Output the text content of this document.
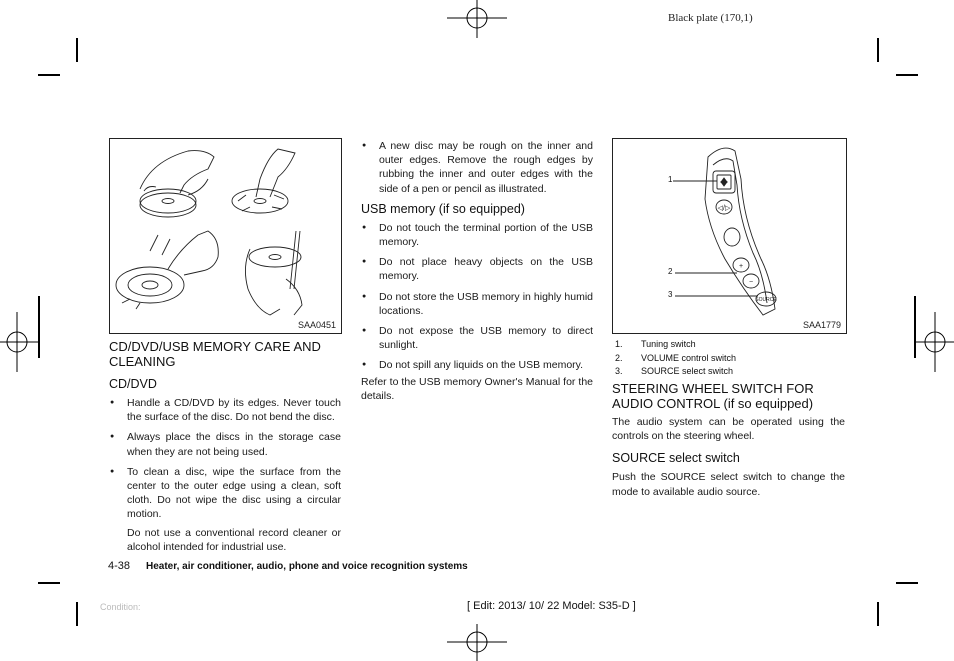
Black plate (170,1)
SAA0451
◁/▷
+
−
SOURCE
1
2
3
SAA1779
1. Tuning switch
2. VOLUME control switch
3. SOURCE select switch
CD/DVD/USB MEMORY CARE AND CLEANING
CD/DVD
● Handle a CD/DVD by its edges. Never touch the surface of the disc. Do not bend the disc.
● Always place the discs in the storage case when they are not being used.
● To clean a disc, wipe the surface from the center to the outer edge using a clean, soft cloth. Do not wipe the disc using a circular motion.
Do not use a conventional record cleaner or alcohol intended for industrial use.
● A new disc may be rough on the inner and outer edges. Remove the rough edges by rubbing the inner and outer edges with the side of a pen or pencil as illustrated.
USB memory (if so equipped)
● Do not touch the terminal portion of the USB memory.
● Do not place heavy objects on the USB memory.
● Do not store the USB memory in highly humid locations.
● Do not expose the USB memory to direct sunlight.
● Do not spill any liquids on the USB memory.

Refer to the USB memory Owner's Manual for the details.	STEERING WHEEL SWITCH FOR AUDIO CONTROL (if so equipped)

The audio system can be operated using the controls on the steering wheel.

SOURCE select switch

Push the SOURCE select switch to change the mode to available audio source.

4-38 Heater, air conditioner, audio, phone and voice recognition systems
Condition:	[ Edit: 2013/ 10/ 22 Model: S35-D ]
